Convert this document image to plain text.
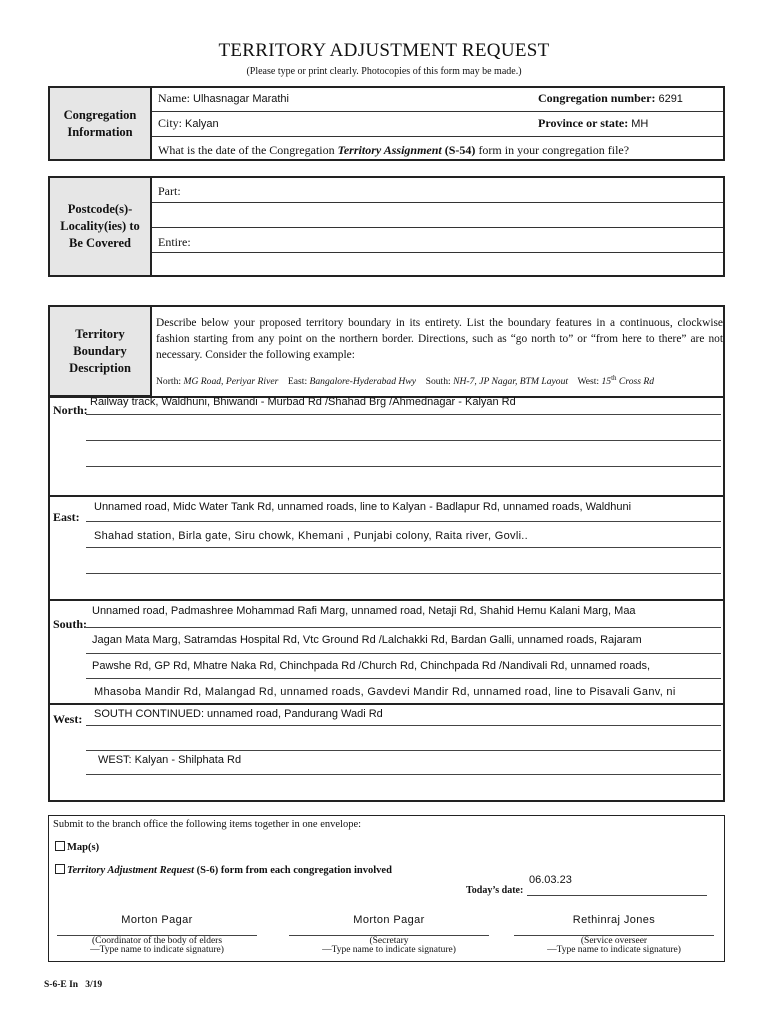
TERRITORY ADJUSTMENT REQUEST
(Please type or print clearly. Photocopies of this form may be made.)
Congregation Information
Name: Ulhasnagar Marathi	Congregation number: 6291
City: Kalyan	Province or state: MH
What is the date of the Congregation Territory Assignment (S-54) form in your congregation file?
Postcode(s)-Locality(ies) to Be Covered
Part:
Entire:
Territory Boundary Description
Describe below your proposed territory boundary in its entirety. List the boundary features in a continuous, clockwise fashion starting from any point on the northern border. Directions, such as “go north to” or “from here to there” are not necessary. Consider the following example:
North: MG Road, Periyar River East: Bangalore-Hyderabad Hwy South: NH-7, JP Nagar, BTM Layout West: 15th Cross Rd
North:
Railway track, Waldhuni, Bhiwandi - Murbad Rd /Shahad Brg /Ahmednagar - Kalyan Rd
East:
Unnamed road, Midc Water Tank Rd, unnamed roads, line to Kalyan - Badlapur Rd, unnamed roads, Waldhuni
Shahad station, Birla gate, Siru chowk, Khemani , Punjabi colony, Raita river, Govli..
South:
Unnamed road, Padmashree Mohammad Rafi Marg, unnamed road, Netaji Rd, Shahid Hemu Kalani Marg, Maa
Jagan Mata Marg, Satramdas Hospital Rd, Vtc Ground Rd /Lalchakki Rd, Bardan Galli, unnamed roads, Rajaram
Pawshe Rd, GP Rd, Mhatre Naka Rd, Chinchpada Rd /Church Rd, Chinchpada Rd /Nandivali Rd, unnamed roads,
Mhasoba Mandir Rd, Malangad Rd, unnamed roads, Gavdevi Mandir Rd, unnamed road, line to Pisavali Ganv, ni
West: SOUTH CONTINUED: unnamed road, Pandurang Wadi Rd
WEST: Kalyan - Shilphata Rd
Submit to the branch office the following items together in one envelope:
Map(s)
Territory Adjustment Request (S-6) form from each congregation involved
06.03.23
Today’s date:
Morton Pagar
(Coordinator of the body of elders
—Type name to indicate signature)
Morton Pagar
(Secretary
—Type name to indicate signature)
Rethinraj Jones
(Service overseer
—Type name to indicate signature)
S-6-E In 3/19
